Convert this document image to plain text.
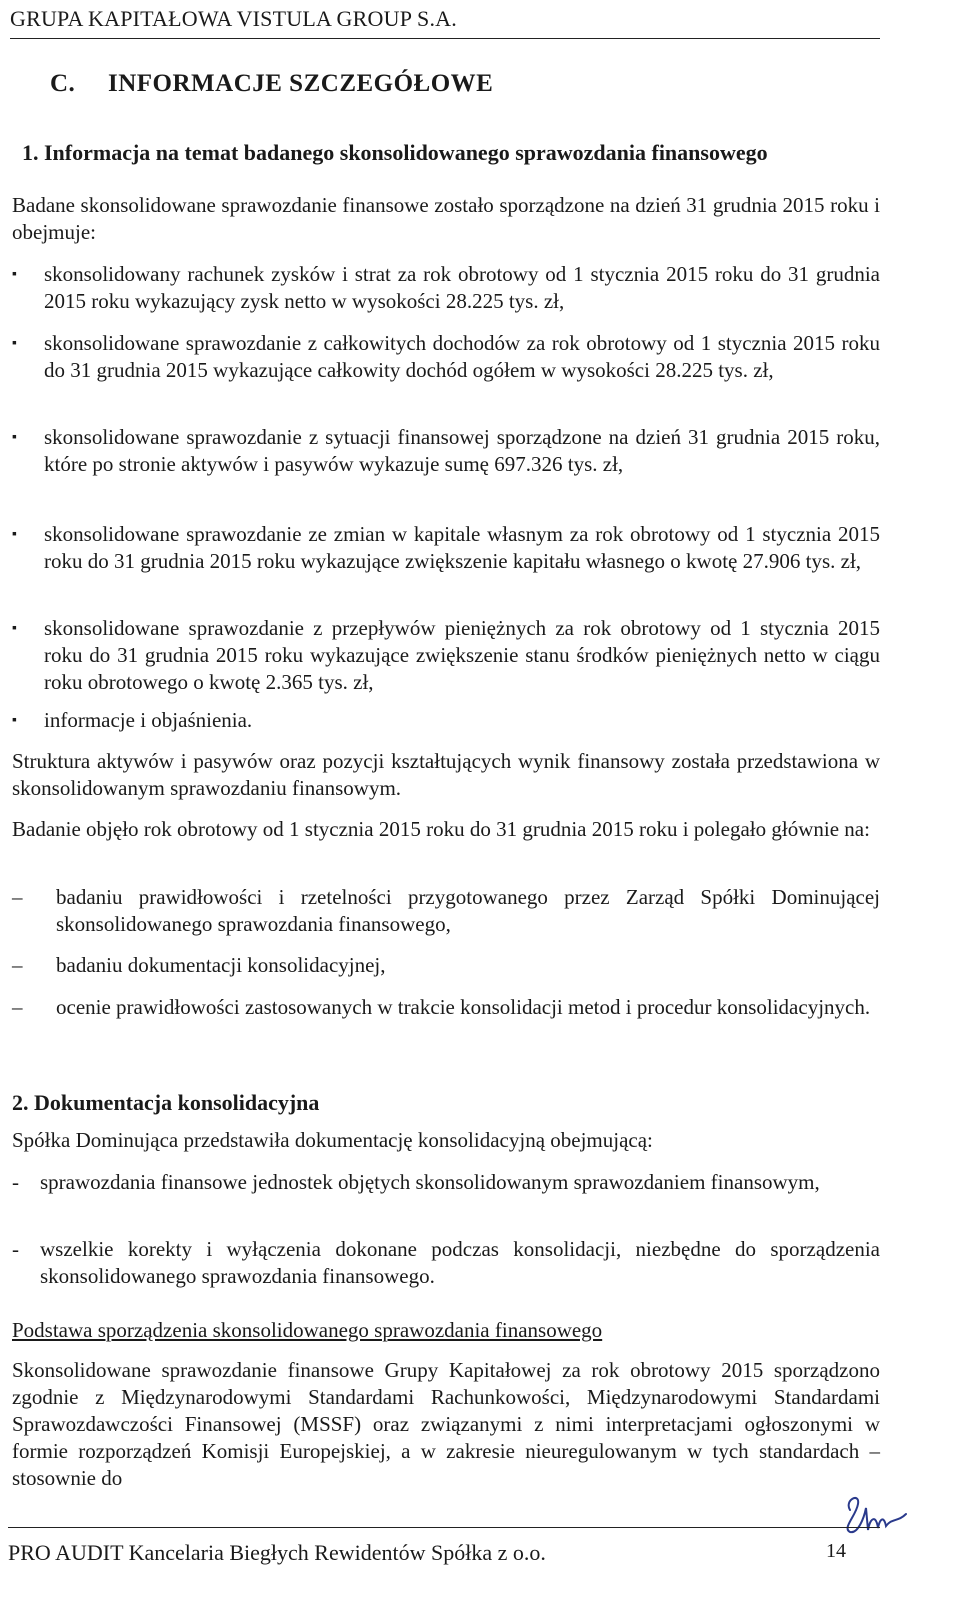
GRUPA KAPITAŁOWA VISTULA GROUP S.A.
C. INFORMACJE SZCZEGÓŁOWE
1. Informacja na temat badanego skonsolidowanego sprawozdania finansowego
Badane skonsolidowane sprawozdanie finansowe zostało sporządzone na dzień 31 grudnia 2015 roku i obejmuje:
▪	skonsolidowany rachunek zysków i strat za rok obrotowy od 1 stycznia 2015 roku do 31 grudnia 2015 roku wykazujący zysk netto w wysokości 28.225 tys. zł,
▪	skonsolidowane sprawozdanie z całkowitych dochodów za rok obrotowy od 1 stycznia 2015 roku do 31 grudnia 2015 wykazujące całkowity dochód ogółem w wysokości 28.225 tys. zł,
▪	skonsolidowane sprawozdanie z sytuacji finansowej sporządzone na dzień 31 grudnia 2015 roku, które po stronie aktywów i pasywów wykazuje sumę 697.326 tys. zł,
▪	skonsolidowane sprawozdanie ze zmian w kapitale własnym za rok obrotowy od 1 stycznia 2015 roku do 31 grudnia 2015 roku wykazujące zwiększenie kapitału własnego o kwotę 27.906 tys. zł,
▪	skonsolidowane sprawozdanie z przepływów pieniężnych za rok obrotowy od 1 stycznia 2015 roku do 31 grudnia 2015 roku wykazujące zwiększenie stanu środków pieniężnych netto w ciągu roku obrotowego o kwotę 2.365 tys. zł,
▪	informacje i objaśnienia.
Struktura aktywów i pasywów oraz pozycji kształtujących wynik finansowy została przedstawiona w skonsolidowanym sprawozdaniu finansowym.
Badanie objęło rok obrotowy od 1 stycznia 2015 roku do 31 grudnia 2015 roku i polegało głównie na:
–	badaniu prawidłowości i rzetelności przygotowanego przez Zarząd Spółki Dominującej skonsolidowanego sprawozdania finansowego,
–	badaniu dokumentacji konsolidacyjnej,
–	ocenie prawidłowości zastosowanych w trakcie konsolidacji metod i procedur konsolidacyjnych.
2. Dokumentacja konsolidacyjna
Spółka Dominująca przedstawiła dokumentację konsolidacyjną obejmującą:
-	sprawozdania finansowe jednostek objętych skonsolidowanym sprawozdaniem finansowym,
-	wszelkie korekty i wyłączenia dokonane podczas konsolidacji, niezbędne do sporządzenia skonsolidowanego sprawozdania finansowego.
Podstawa sporządzenia skonsolidowanego sprawozdania finansowego
Skonsolidowane sprawozdanie finansowe Grupy Kapitałowej za rok obrotowy 2015 sporządzono zgodnie z Międzynarodowymi Standardami Rachunkowości, Międzynarodowymi Standardami Sprawozdawczości Finansowej (MSSF) oraz związanymi z nimi interpretacjami ogłoszonymi w formie rozporządzeń Komisji Europejskiej, a w zakresie nieuregulowanym w tych standardach – stosownie do
PRO AUDIT Kancelaria Biegłych Rewidentów Spółka z o.o.	14
